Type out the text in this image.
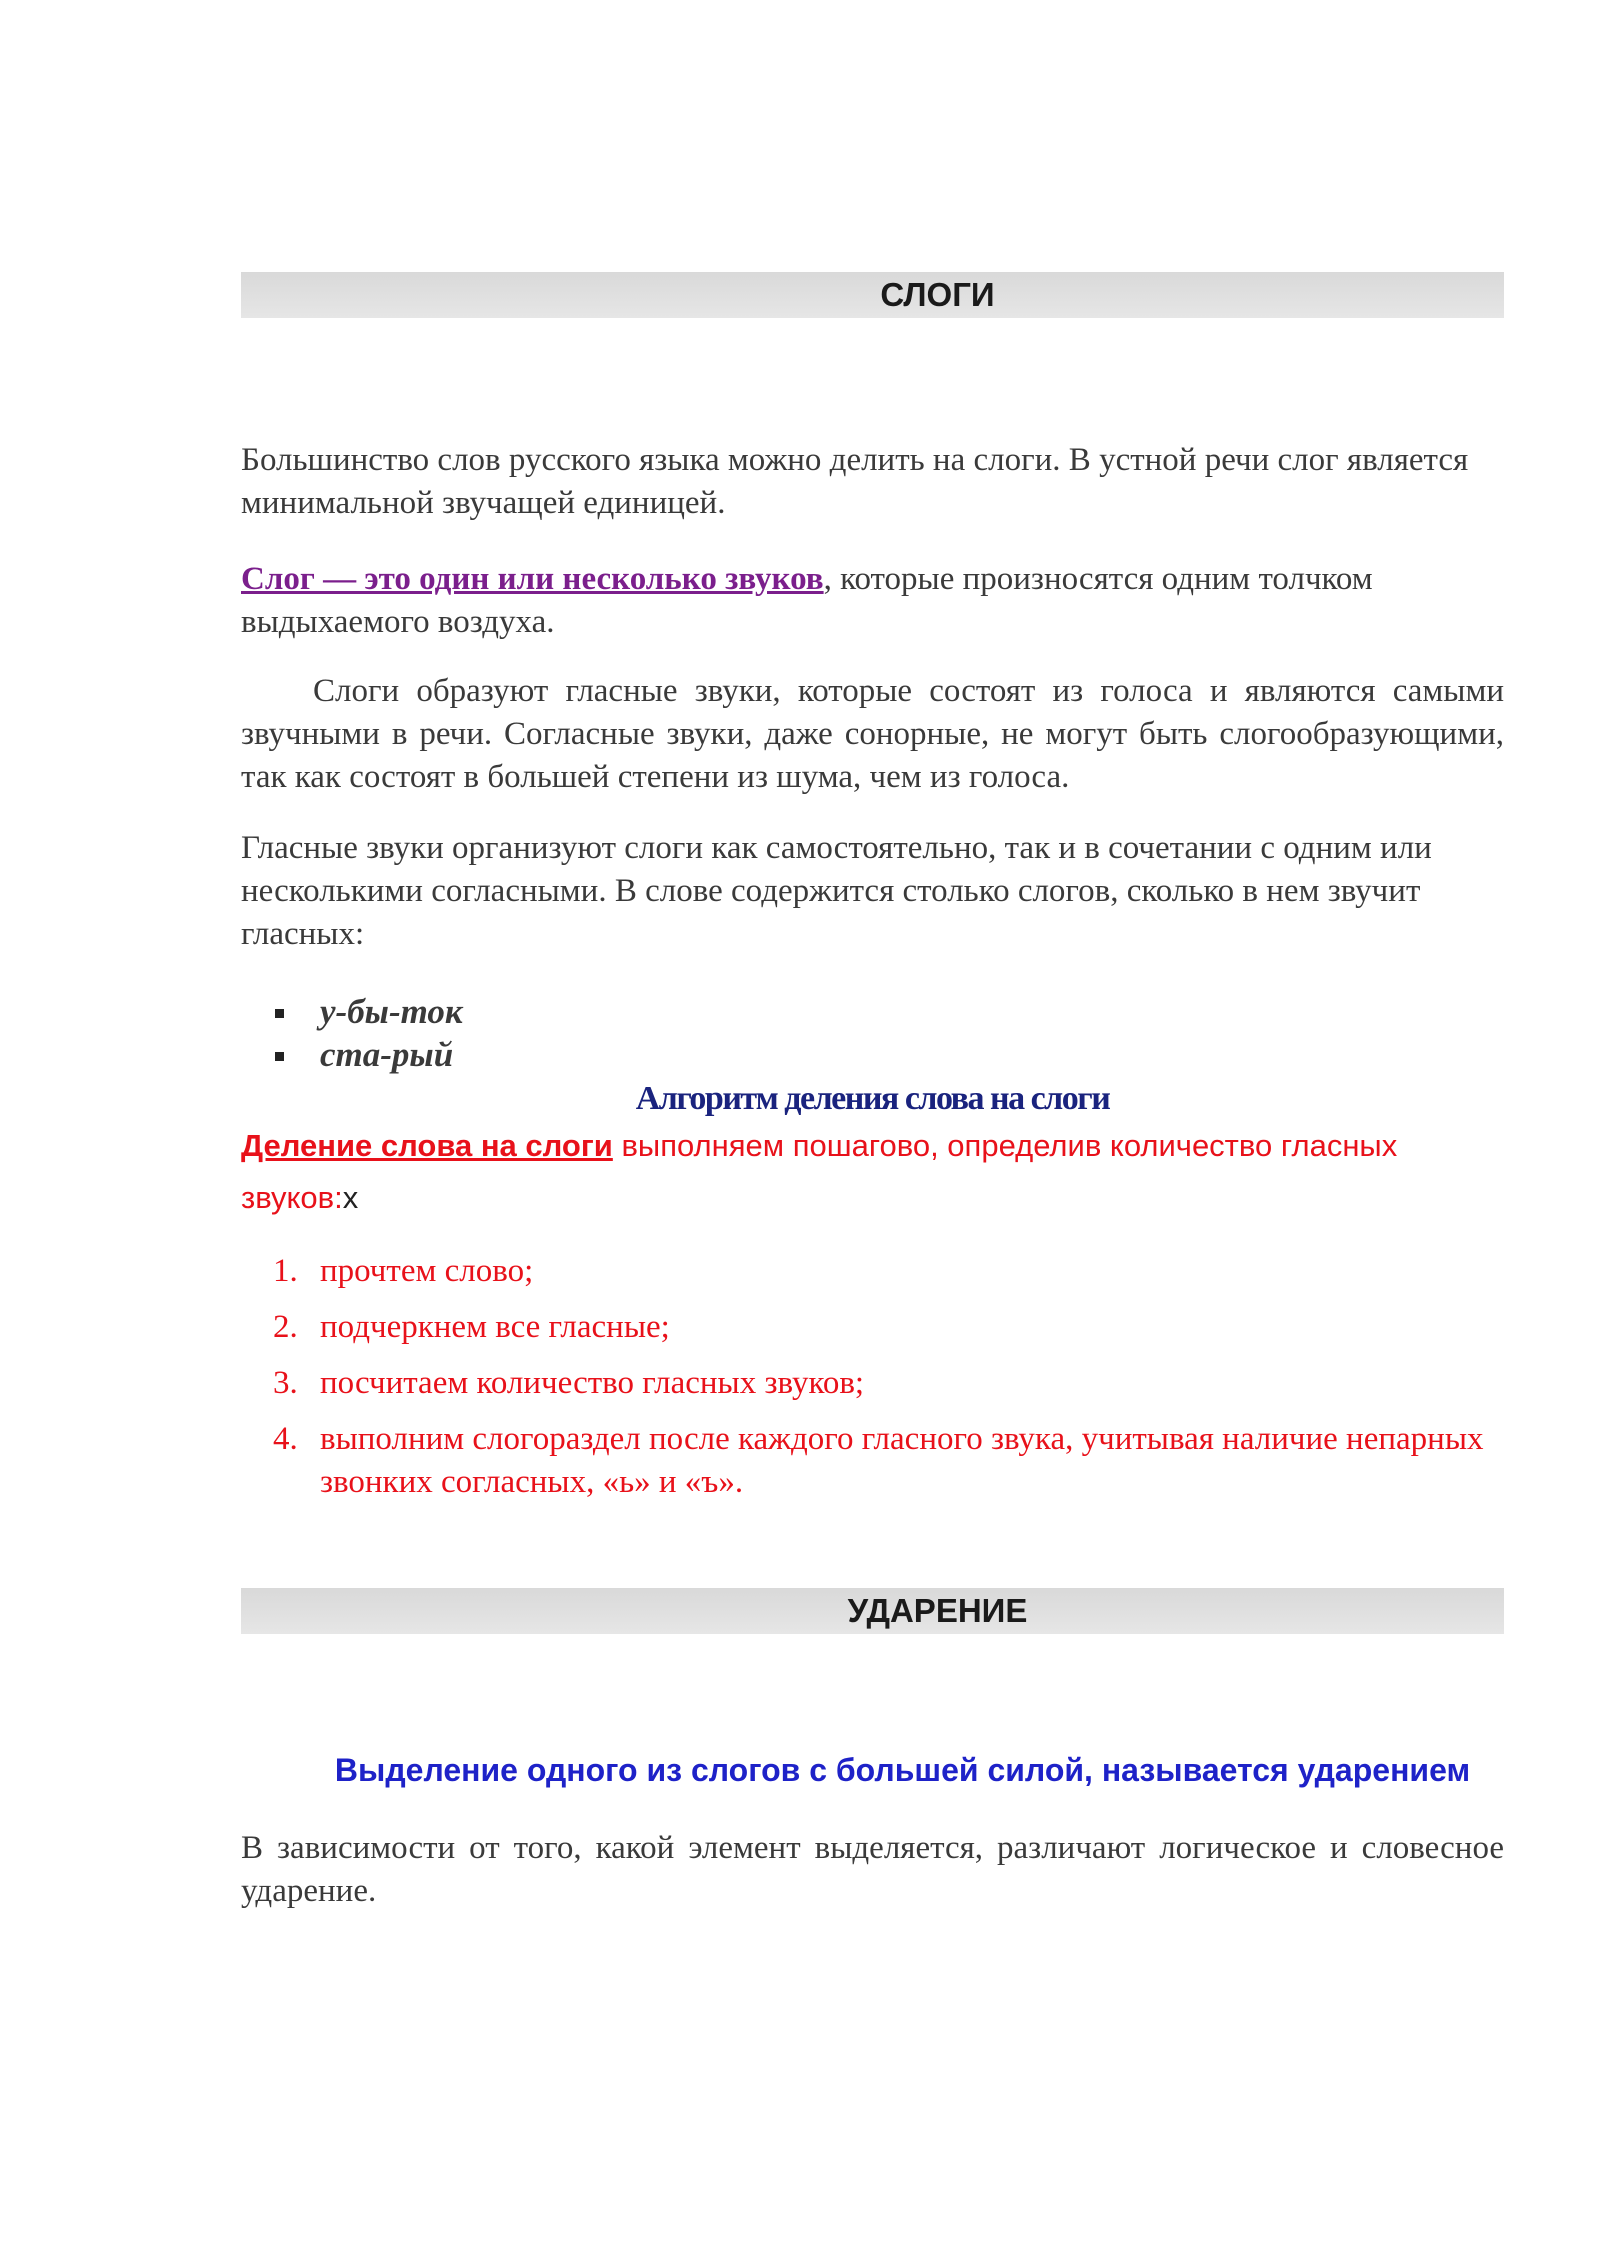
СЛОГИ

Большинство слов русского языка можно делить на слоги. В устной речи слог является минимальной звучащей единицей.

Слог — это один или несколько звуков, которые произносятся одним толчком выдыхаемого воздуха.

Слоги образуют гласные звуки, которые состоят из голоса и являются самыми звучными в речи. Согласные звуки, даже сонорные, не могут быть слогообразующими, так как состоят в большей степени из шума, чем из голоса.

Гласные звуки организуют слоги как самостоятельно, так и в сочетании с одним или несколькими согласными. В слове содержится столько слогов, сколько в нем звучит гласных:

у-бы-ток
ста-рый
Алгоритм деления слова на слоги
Деление слова на слоги выполняем пошагово, определив количество гласных звуков:х
1. прочтем слово;
2. подчеркнем все гласные;
3. посчитаем количество гласных звуков;
4. выполним слогораздел после каждого гласного звука, учитывая наличие непарных звонких согласных, «ь» и «ъ».
УДАРЕНИЕ
Выделение одного из слогов с большей силой, называется ударением

В зависимости от того, какой элемент выделяется, различают логическое и словесное ударение.
